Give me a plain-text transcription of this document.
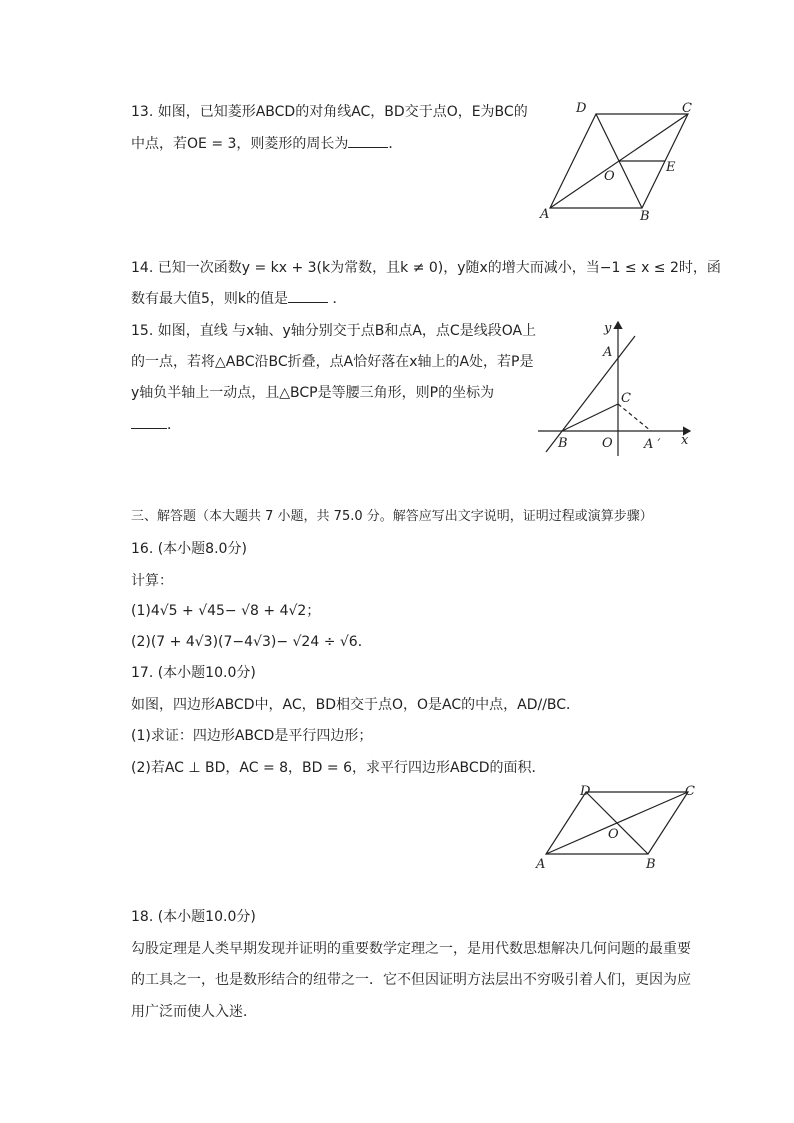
13. 如图，已知菱形ABCD的对角线AC，BD交于点O，E为BC的
中点，若OE = 3，则菱形的周长为	．
A	B
C
D
O
E
14. 已知一次函数y = kx + 3(k为常数，且k ≠ 0)，y随x的增大而减小，当−1 ≤ x ≤ 2时，函
数有最大值5，则k的值是	．
15. 如图，直线 与x轴、y轴分别交于点B和点A，点C是线段OA上
的一点，若将△ABC沿BC折叠，点A恰好落在x轴上的A处，若P是
y轴负半轴上一动点，且△BCP是等腰三角形，则P的坐标为
．
y
x
A
C
B	O A ′
三、解答题（本大题共 7 小题，共 75.0 分。解答应写出文字说明，证明过程或演算步骤）
16. (本小题8.0分)
计算：
(1)4√5 + √45− √8 + 4√2；
(2)(7 + 4√3)(7−4√3)− √24 ÷ √6．
17. (本小题10.0分)
如图，四边形ABCD中，AC，BD相交于点O，O是AC的中点，AD//BC．
(1)求证：四边形ABCD是平行四边形；
(2)若AC ⊥ BD，AC = 8，BD = 6，求平行四边形ABCD的面积．
A	B
C
D
O
18. (本小题10.0分)
勾股定理是人类早期发现并证明的重要数学定理之一，是用代数思想解决几何问题的最重要
的工具之一，也是数形结合的纽带之一．它不但因证明方法层出不穷吸引着人们，更因为应
用广泛而使人入迷．
